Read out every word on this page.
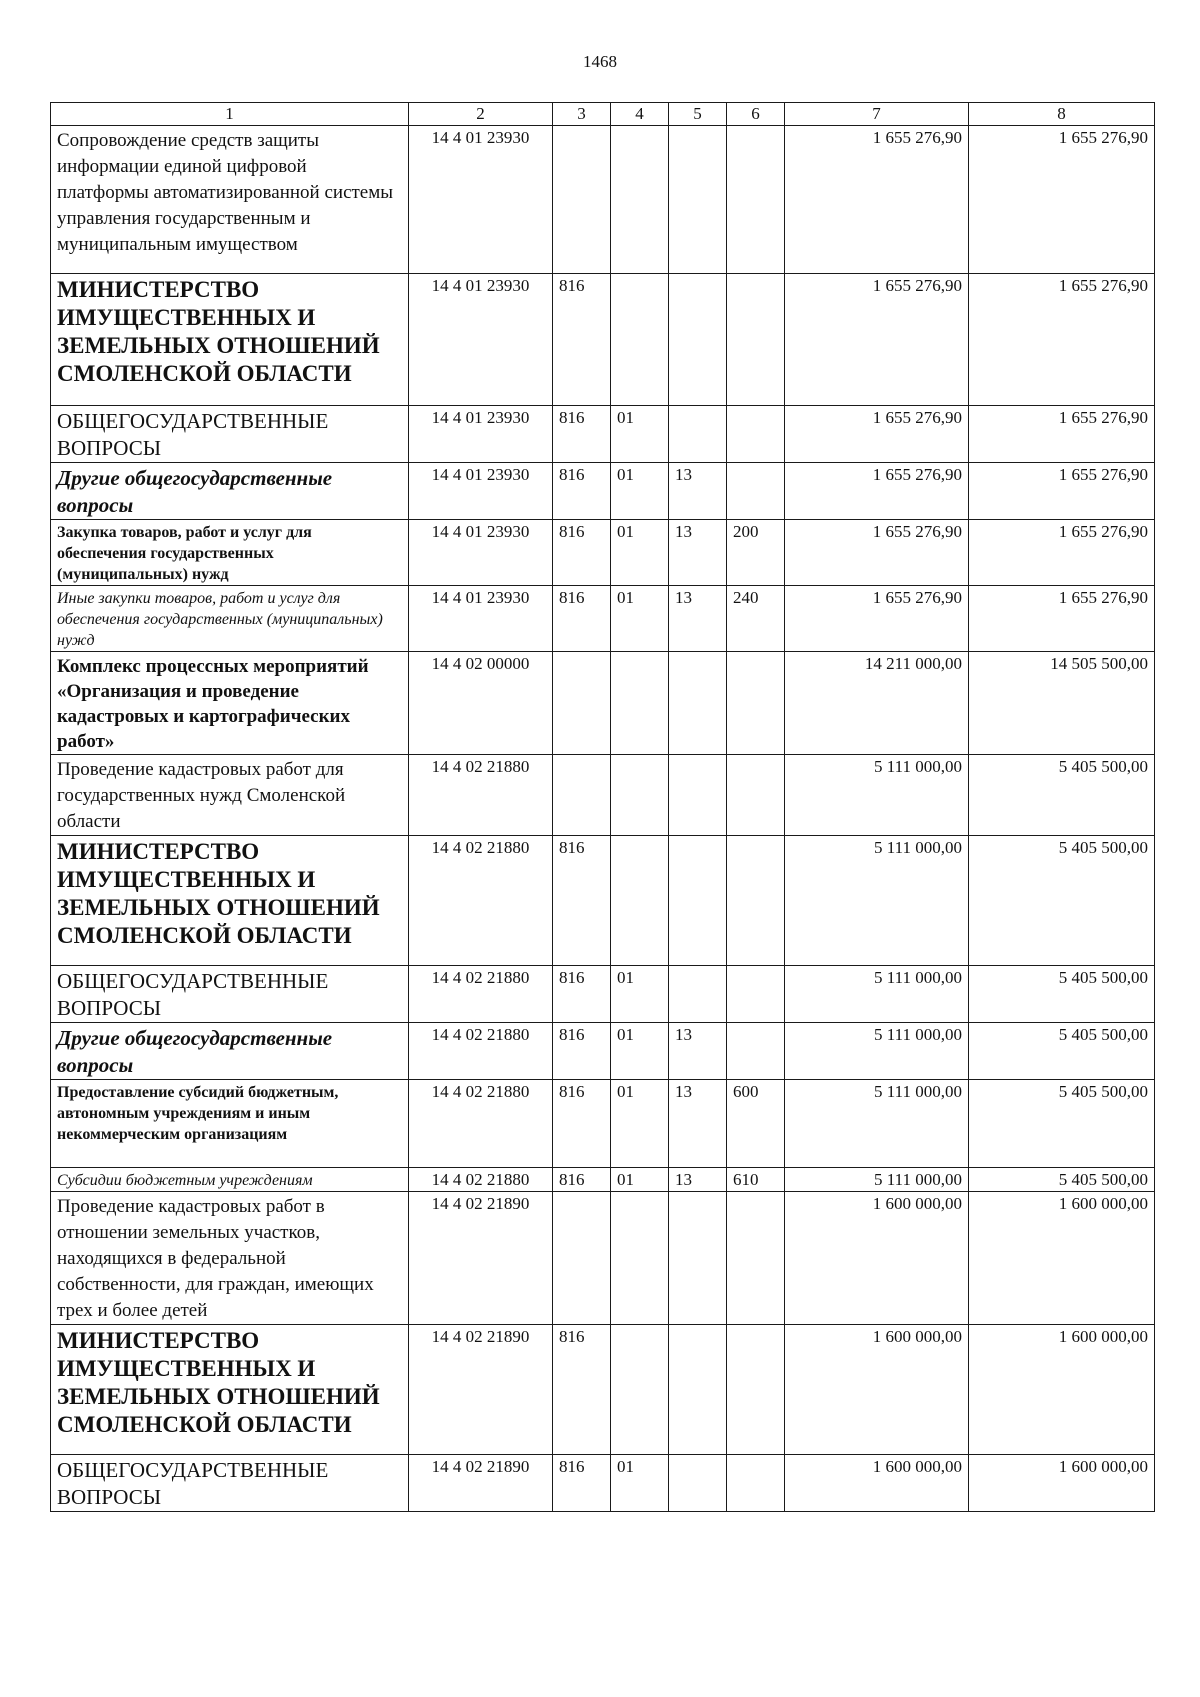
1468
1	2	3	4	5	6	7	8
Сопровождение средств защиты информации единой цифровой платформы автоматизированной системы управления государственным и муниципальным имуществом	14 4 01 23930					1 655 276,90	1 655 276,90
МИНИСТЕРСТВО ИМУЩЕСТВЕННЫХ И ЗЕМЕЛЬНЫХ ОТНОШЕНИЙ СМОЛЕНСКОЙ ОБЛАСТИ	14 4 01 23930	816				1 655 276,90	1 655 276,90
ОБЩЕГОСУДАРСТВЕННЫЕ ВОПРОСЫ	14 4 01 23930	816	01			1 655 276,90	1 655 276,90
Другие общегосударственные вопросы	14 4 01 23930	816	01	13		1 655 276,90	1 655 276,90
Закупка товаров, работ и услуг для обеспечения государственных (муниципальных) нужд	14 4 01 23930	816	01	13	200	1 655 276,90	1 655 276,90
Иные закупки товаров, работ и услуг для обеспечения государственных (муниципальных) нужд	14 4 01 23930	816	01	13	240	1 655 276,90	1 655 276,90
Комплекс процессных мероприятий «Организация и проведение кадастровых и картографических работ»	14 4 02 00000					14 211 000,00	14 505 500,00
Проведение кадастровых работ для государственных нужд Смоленской области	14 4 02 21880					5 111 000,00	5 405 500,00
МИНИСТЕРСТВО ИМУЩЕСТВЕННЫХ И ЗЕМЕЛЬНЫХ ОТНОШЕНИЙ СМОЛЕНСКОЙ ОБЛАСТИ	14 4 02 21880	816				5 111 000,00	5 405 500,00
ОБЩЕГОСУДАРСТВЕННЫЕ ВОПРОСЫ	14 4 02 21880	816	01			5 111 000,00	5 405 500,00
Другие общегосударственные вопросы	14 4 02 21880	816	01	13		5 111 000,00	5 405 500,00
Предоставление субсидий бюджетным, автономным учреждениям и иным некоммерческим организациям	14 4 02 21880	816	01	13	600	5 111 000,00	5 405 500,00
Субсидии бюджетным учреждениям	14 4 02 21880	816	01	13	610	5 111 000,00	5 405 500,00
Проведение кадастровых работ в отношении земельных участков, находящихся в федеральной собственности, для граждан, имеющих трех и более детей	14 4 02 21890					1 600 000,00	1 600 000,00
МИНИСТЕРСТВО ИМУЩЕСТВЕННЫХ И ЗЕМЕЛЬНЫХ ОТНОШЕНИЙ СМОЛЕНСКОЙ ОБЛАСТИ	14 4 02 21890	816				1 600 000,00	1 600 000,00
ОБЩЕГОСУДАРСТВЕННЫЕ ВОПРОСЫ	14 4 02 21890	816	01			1 600 000,00	1 600 000,00
